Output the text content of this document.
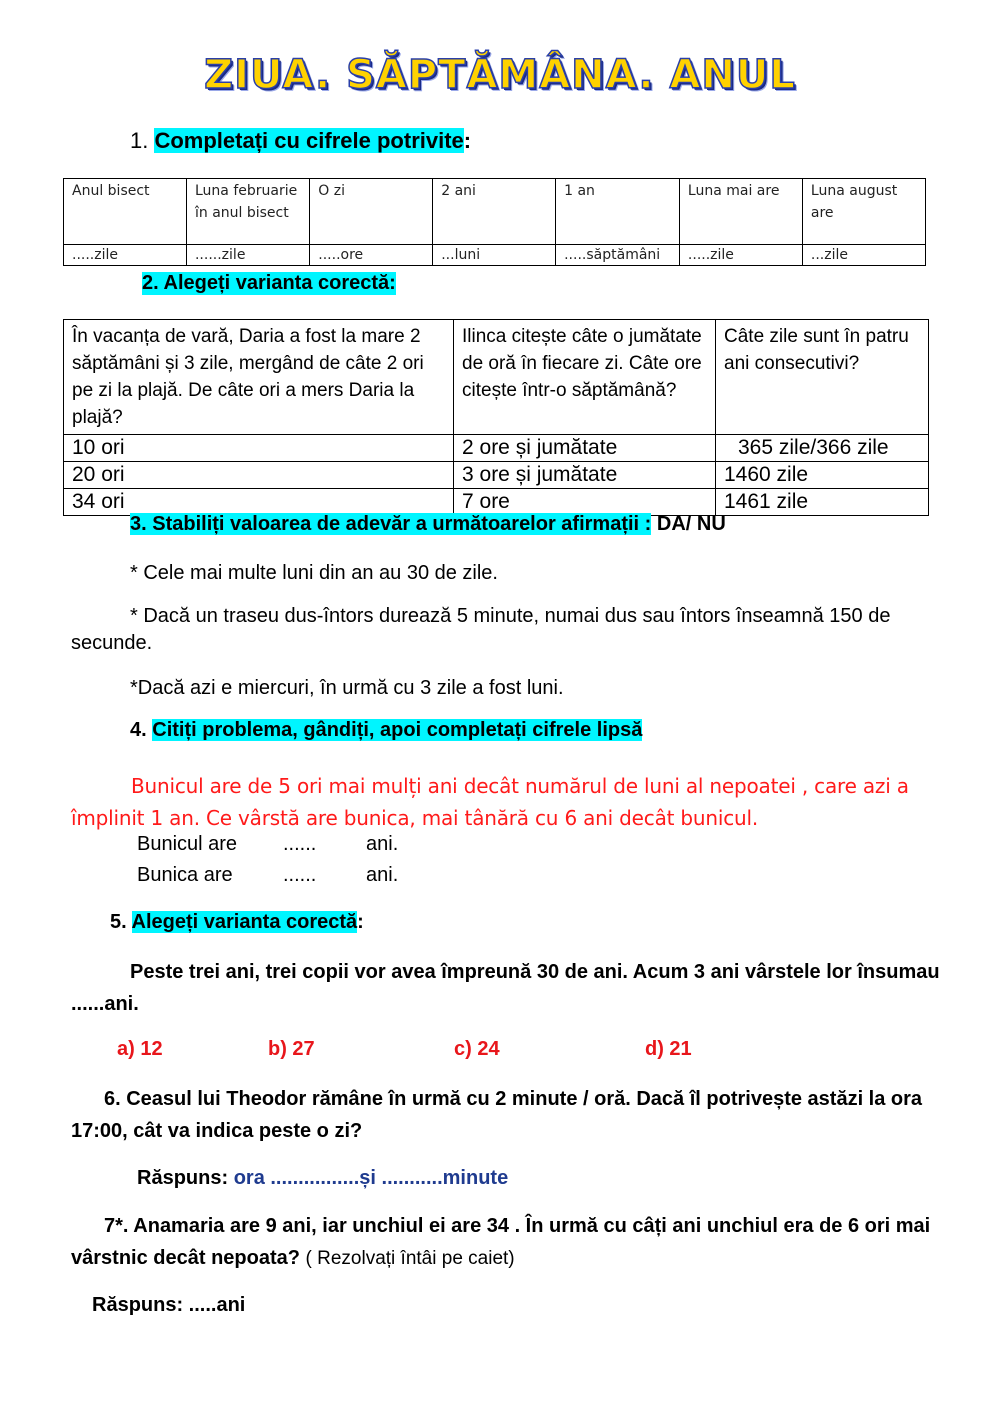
ZIUA. SĂPTĂMÂNA. ANUL
1. Completați cu cifrele potrivite:
Anul bisect	Luna februarie în anul bisect	O zi	2 ani	1 an	Luna mai are	Luna august are
.....zile	......zile	.....ore	...luni	.....săptămâni	.....zile	...zile
2. Alegeți varianta corectă:
În vacanța de vară, Daria a fost la mare 2 săptămâni și 3 zile, mergând de câte 2 ori pe zi la plajă. De câte ori a mers Daria la plajă?	Ilinca citește câte o jumătate de oră în fiecare zi. Câte ore citește într-o săptămână?	Câte zile sunt în patru ani consecutivi?
10 ori	2 ore și jumătate	365 zile/366 zile
20 ori	3 ore și jumătate	1460 zile
34 ori	7 ore	1461 zile
3. Stabiliți valoarea de adevăr a următoarelor afirmații : DA/ NU
* Cele mai multe luni din an au 30 de zile.
* Dacă un traseu dus-întors durează 5 minute, numai dus sau întors înseamnă 150 de secunde.
*Dacă azi e miercuri, în urmă cu 3 zile a fost luni.
4. Citiți problema, gândiți, apoi completați cifrele lipsă
Bunicul are de 5 ori mai mulți ani decât numărul de luni al nepoatei , care azi a împlinit 1 an. Ce vârstă are bunica, mai tânără cu 6 ani decât bunicul.
Bunicul are ...... ani.
Bunica are	...... ani.
5. Alegeți varianta corectă:
Peste trei ani, trei copii vor avea împreună 30 de ani. Acum 3 ani vârstele lor însumau ......ani.
a) 12	b) 27	c) 24	d) 21
6. Ceasul lui Theodor rămâne în urmă cu 2 minute / oră. Dacă îl potrivește astăzi la ora 17:00, cât va indica peste o zi?
Răspuns: ora ................și ...........minute
7*. Anamaria are 9 ani, iar unchiul ei are 34 . În urmă cu câți ani unchiul era de 6 ori mai vârstnic decât nepoata? ( Rezolvați întâi pe caiet)
Răspuns: .....ani
